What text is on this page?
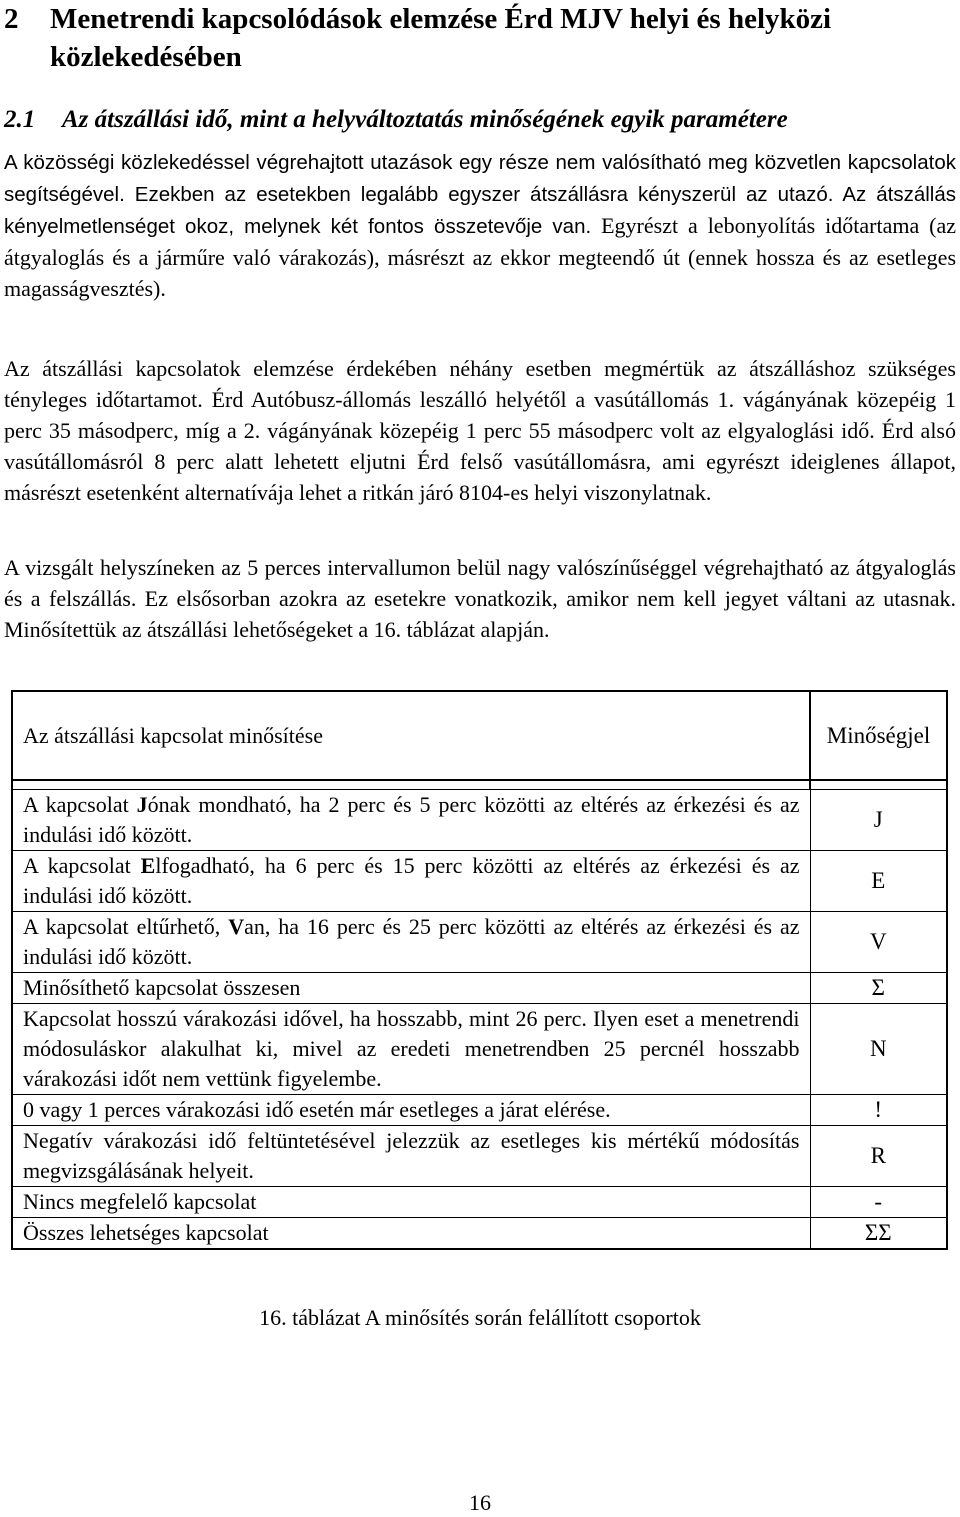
2 Menetrendi kapcsolódások elemzése Érd MJV helyi és helyközi
közlekedésében
2.1 Az átszállási idő, mint a helyváltoztatás minőségének egyik paramétere

A közösségi közlekedéssel végrehajtott utazások egy része nem valósítható meg közvetlen kapcsolatok segítségével. Ezekben az esetekben legalább egyszer átszállásra kényszerül az utazó. Az átszállás kényelmetlenséget okoz, melynek két fontos összetevője van. Egyrészt a lebonyolítás időtartama (az átgyaloglás és a járműre való várakozás), másrészt az ekkor megteendő út (ennek hossza és az esetleges magasságvesztés).

Az átszállási kapcsolatok elemzése érdekében néhány esetben megmértük az átszálláshoz szükséges tényleges időtartamot. Érd Autóbusz-állomás leszálló helyétől a vasútállomás 1. vágányának közepéig 1 perc 35 másodperc, míg a 2. vágányának közepéig 1 perc 55 másodperc volt az elgyaloglási idő. Érd alsó vasútállomásról 8 perc alatt lehetett eljutni Érd felső vasútállomásra, ami egyrészt ideiglenes állapot, másrészt esetenként alternatívája lehet a ritkán járó 8104-es helyi viszonylatnak.

A vizsgált helyszíneken az 5 perces intervallumon belül nagy valószínűséggel végrehajtható az átgyaloglás és a felszállás. Ez elsősorban azokra az esetekre vonatkozik, amikor nem kell jegyet váltani az utasnak. Minősítettük az átszállási lehetőségeket a 16. táblázat alapján.

Az átszállási kapcsolat minősítése	Minőségjel

A kapcsolat Jónak mondható, ha 2 perc és 5 perc közötti az eltérés az érkezési és az indulási idő között.	J
A kapcsolat Elfogadható, ha 6 perc és 15 perc közötti az eltérés az érkezési és az indulási idő között.	E
A kapcsolat eltűrhető, Van, ha 16 perc és 25 perc közötti az eltérés az érkezési és az indulási idő között.	V
Minősíthető kapcsolat összesen	Σ
Kapcsolat hosszú várakozási idővel, ha hosszabb, mint 26 perc. Ilyen eset a menetrendi módosuláskor alakulhat ki, mivel az eredeti menetrendben 25 percnél hosszabb várakozási időt nem vettünk figyelembe.	N
0 vagy 1 perces várakozási idő esetén már esetleges a járat elérése.	!
Negatív várakozási idő feltüntetésével jelezzük az esetleges kis mértékű módosítás megvizsgálásának helyeit.	R
Nincs megfelelő kapcsolat	-
Összes lehetséges kapcsolat	ΣΣ
16. táblázat A minősítés során felállított csoportok
16
